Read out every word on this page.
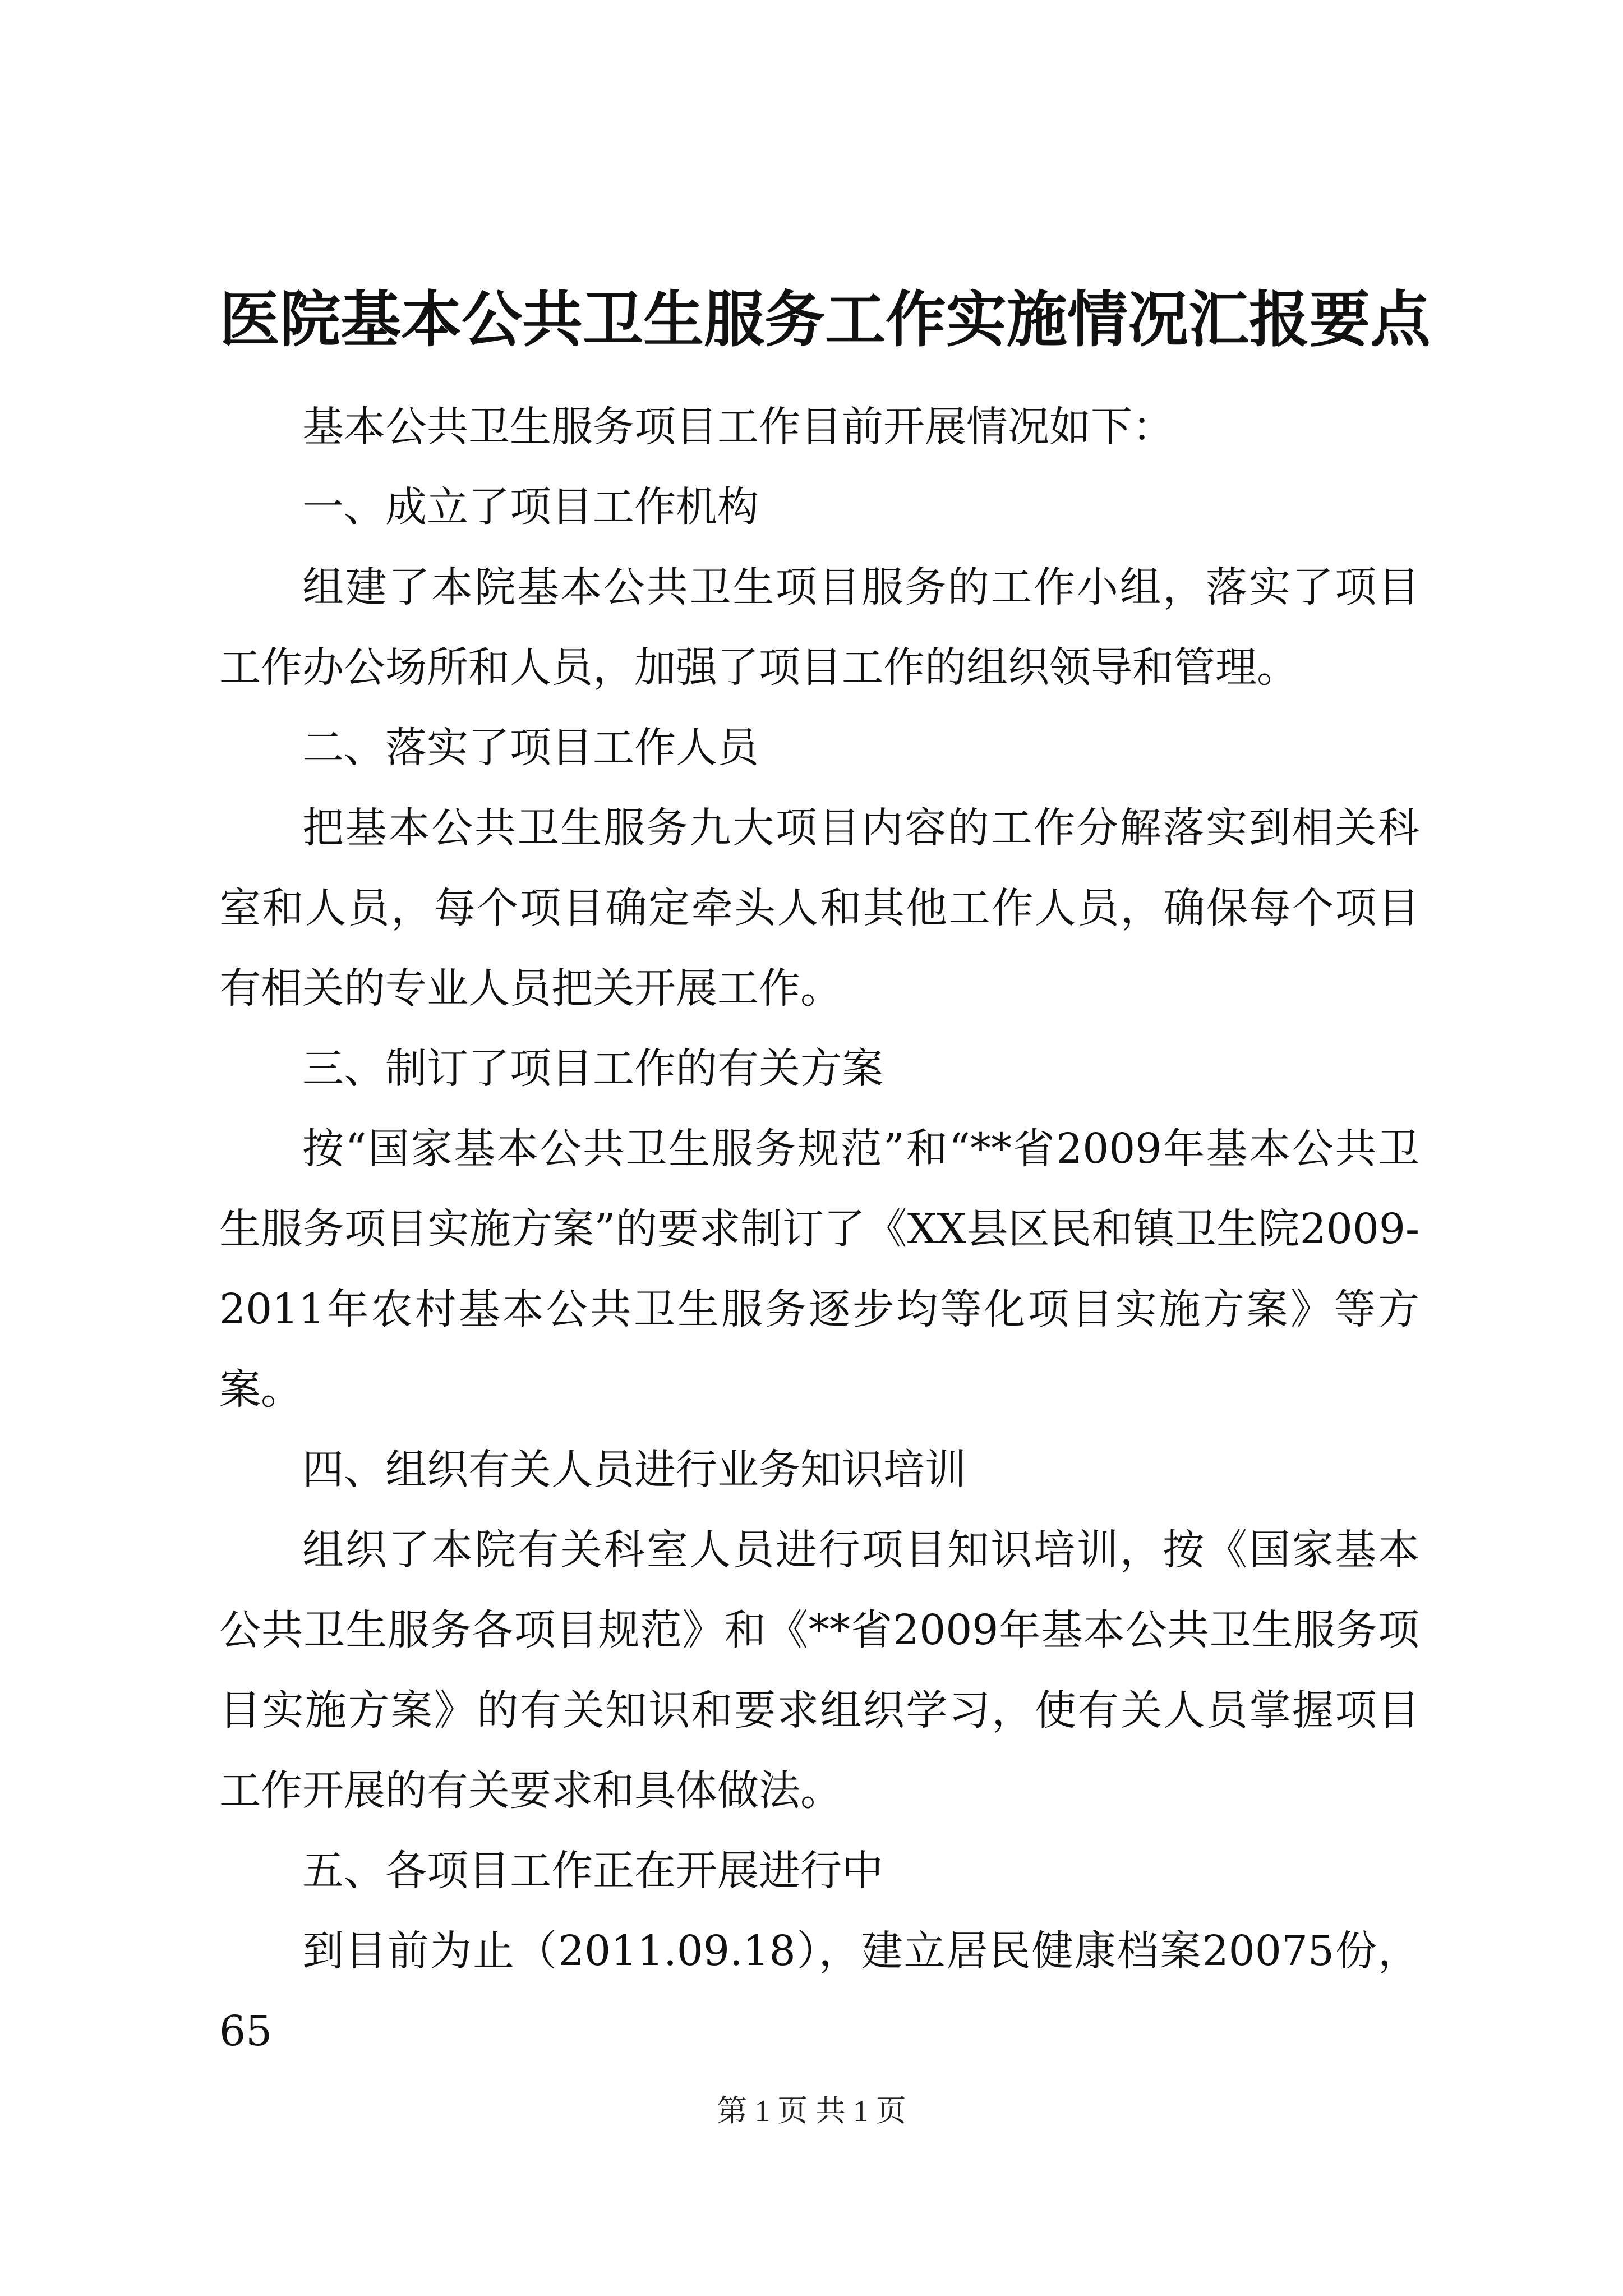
医院基本公共卫生服务工作实施情况汇报要点

基本公共卫生服务项目工作目前开展情况如下：

一、成立了项目工作机构

组建了本院基本公共卫生项目服务的工作小组，落实了项目工作办公场所和人员，加强了项目工作的组织领导和管理。

二、落实了项目工作人员

把基本公共卫生服务九大项目内容的工作分解落实到相关科室和人员，每个项目确定牵头人和其他工作人员，确保每个项目有相关的专业人员把关开展工作。

三、制订了项目工作的有关方案

按“国家基本公共卫生服务规范”和“**省2009年基本公共卫生服务项目实施方案”的要求制订了《XX县区民和镇卫生院2009-2011年农村基本公共卫生服务逐步均等化项目实施方案》等方案。

四、组织有关人员进行业务知识培训

组织了本院有关科室人员进行项目知识培训，按《国家基本公共卫生服务各项目规范》和《**省2009年基本公共卫生服务项目实施方案》的有关知识和要求组织学习，使有关人员掌握项目工作开展的有关要求和具体做法。

五、各项目工作正在开展进行中

到目前为止（2011.09.18），建立居民健康档案20075份，65

第 1 页 共 1 页
